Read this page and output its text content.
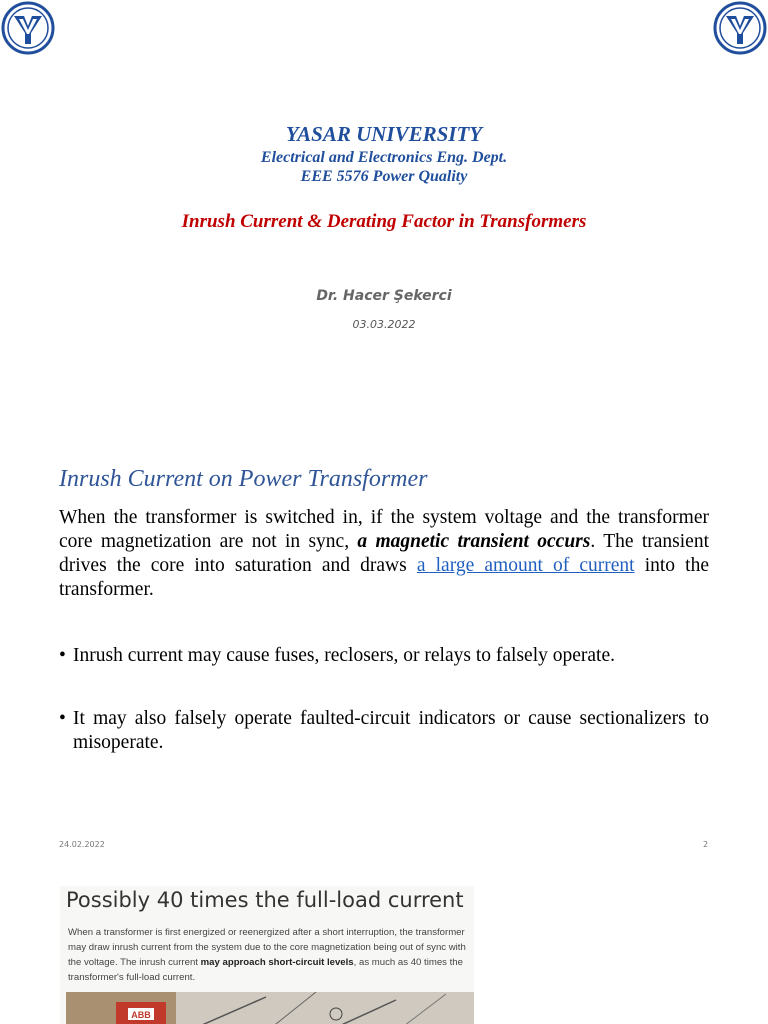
YASAR UNIVERSITY
Electrical and Electronics Eng. Dept.
EEE 5576 Power Quality
Inrush Current & Derating Factor in Transformers
Dr. Hacer Şekerci
03.03.2022
Inrush Current on Power Transformer
When the transformer is switched in, if the system voltage and the transformer core magnetization are not in sync, a magnetic transient occurs. The transient drives the core into saturation and draws a large amount of current into the transformer.
• Inrush current may cause fuses, reclosers, or relays to falsely operate.
• It may also falsely operate faulted-circuit indicators or cause sectionalizers to misoperate.
24.02.2022	2
Possibly 40 times the full-load current
When a transformer is first energized or reenergized after a short interruption, the transformer may draw inrush current from the system due to the core magnetization being out of sync with the voltage. The inrush current may approach short-circuit levels, as much as 40 times the transformer's full-load current.
ABB
